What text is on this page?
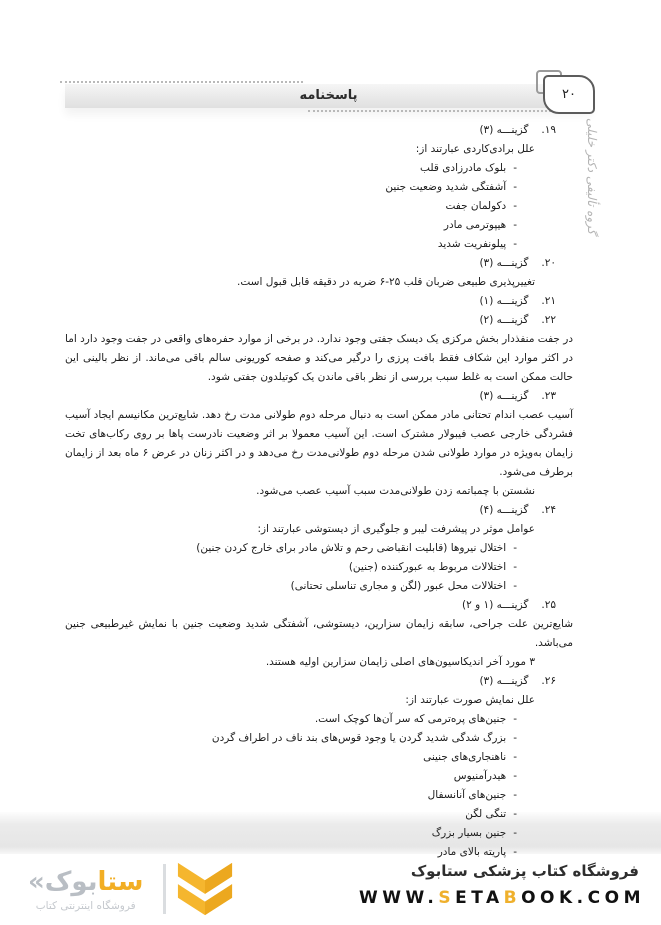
پاسخنامه	۲۰
گروه تألیفی دکتر خلیلی
۱۹.گزینـــه (۳)
علل برادی‌کاردی عبارتند از:
-بلوک مادرزادی قلب
-آشفتگی شدید وضعیت جنین
-دکولمان جفت
-هیپوترمی مادر
-پیلونفریت شدید
۲۰.گزینـــه (۳)
تغییرپذیری طبیعی ضربان قلب ۲۵-۶ ضربه در دقیقه قابل قبول است.
۲۱.گزینـــه (۱)
۲۲.گزینـــه (۲)
در جفت منفذدار بخش مرکزی یک دیسک جفتی وجود ندارد. در برخی از موارد حفره‌های واقعی در جفت وجود دارد اما در اکثر موارد این شکاف فقط بافت پرزی را درگیر می‌کند و صفحه کوریونی سالم باقی می‌ماند. از نظر بالینی این حالت ممکن است به غلط سبب بررسی از نظر باقی ماندن یک کوتیلدون جفتی شود.
۲۳.گزینـــه (۳)
آسیب عصب اندام تحتانی مادر ممکن است به دنبال مرحله دوم طولانی مدت رخ دهد. شایع‌ترین مکانیسم ایجاد آسیب فشردگی خارجی عصب فیبولار مشترک است. این آسیب معمولا بر اثر وضعیت نادرست پاها بر روی رکاب‌های تخت زایمان به‌ویژه در موارد طولانی شدن مرحله دوم طولانی‌مدت رخ می‌دهد و در اکثر زنان در عرض ۶ ماه بعد از زایمان برطرف می‌شود.
نشستن با چمباتمه زدن طولانی‌مدت سبب آسیب عصب می‌شود.
۲۴.گزینـــه (۴)
عوامل موثر در پیشرفت لیبر و جلوگیری از دیستوشی عبارتند از:
-اختلال نیروها (قابلیت انقباضی رحم و تلاش مادر برای خارج کردن جنین)
-اختلالات مربوط به عبورکننده (جنین)
-اختلالات محل عبور (لگن و مجاری تناسلی تحتانی)
۲۵.گزینـــه (۱ و ۲)
شایع‌ترین علت جراحی، سابقه زایمان سزارین، دیستوشی، آشفتگی شدید وضعیت جنین با نمایش غیرطبیعی جنین می‌باشد.
۳ مورد آخر اندیکاسیون‌های اصلی زایمان سزارین اولیه هستند.
۲۶.گزینـــه (۳)
علل نمایش صورت عبارتند از:
-جنین‌های پره‌ترمی که سر آن‌ها کوچک است.
-بزرگ شدگی شدید گردن یا وجود قوس‌های بند ناف در اطراف گردن
-ناهنجاری‌های جنینی
-هیدرآمنیوس
-جنین‌های آنانسفال
-تنگی لگن
-جنین بسیار بزرگ
-پاریته بالای مادر
فروشگاه کتاب پزشکی ستابوک
WWW.SETABOOK.COM
ستابوک«
فروشگاه اینترنتی کتاب
